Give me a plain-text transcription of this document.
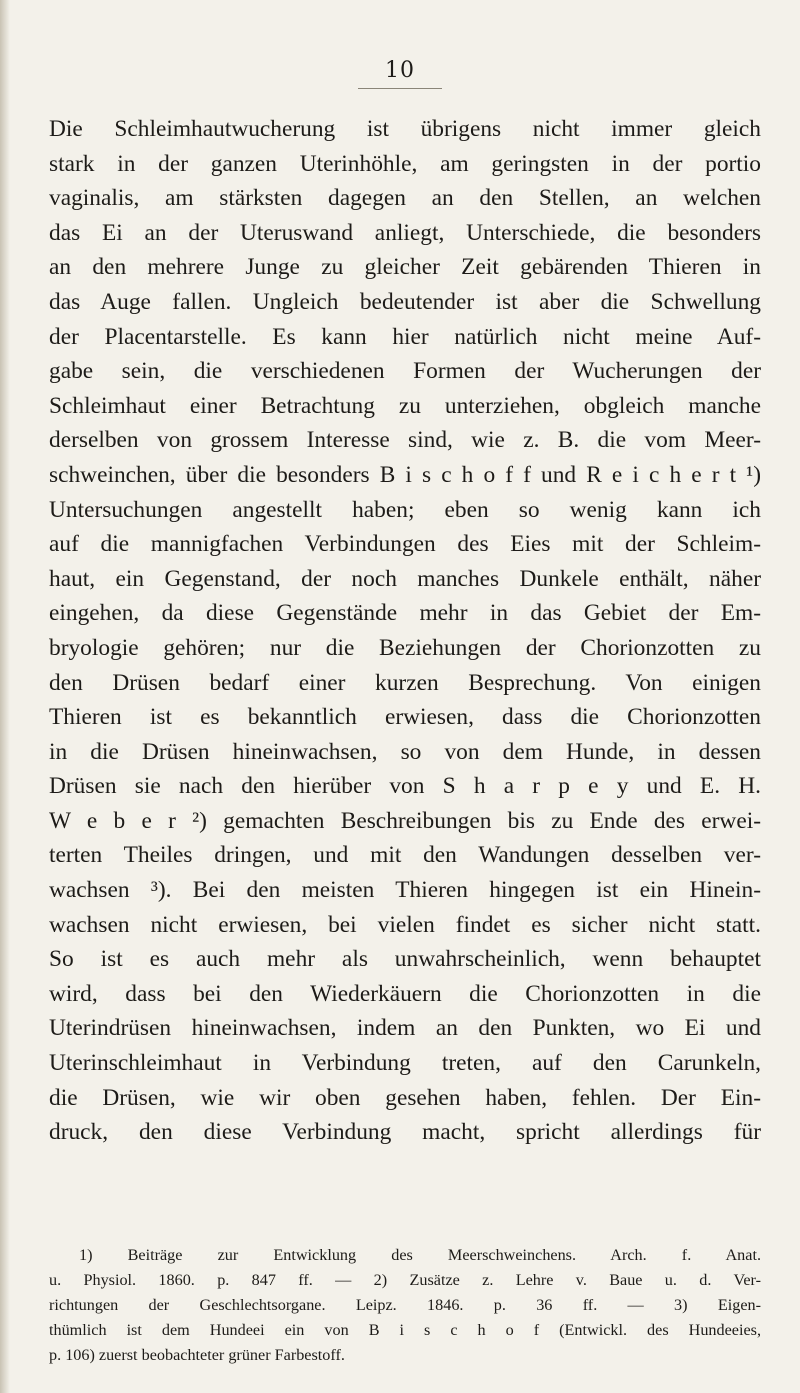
10
Die Schleimhautwucherung ist übrigens nicht immer gleich
stark in der ganzen Uterinhöhle, am geringsten in der portio
vaginalis, am stärksten dagegen an den Stellen, an welchen
das Ei an der Uteruswand anliegt, Unterschiede, die besonders
an den mehrere Junge zu gleicher Zeit gebärenden Thieren in
das Auge fallen. Ungleich bedeutender ist aber die Schwellung
der Placentarstelle. Es kann hier natürlich nicht meine Auf-
gabe sein, die verschiedenen Formen der Wucherungen der
Schleimhaut einer Betrachtung zu unterziehen, obgleich manche
derselben von grossem Interesse sind, wie z. B. die vom Meer-
schweinchen, über die besonders B i s c h o f f und R e i c h e r t ¹)
Untersuchungen angestellt haben; eben so wenig kann ich
auf die mannigfachen Verbindungen des Eies mit der Schleim-
haut, ein Gegenstand, der noch manches Dunkele enthält, näher
eingehen, da diese Gegenstände mehr in das Gebiet der Em-
bryologie gehören; nur die Beziehungen der Chorionzotten zu
den Drüsen bedarf einer kurzen Besprechung. Von einigen
Thieren ist es bekanntlich erwiesen, dass die Chorionzotten
in die Drüsen hineinwachsen, so von dem Hunde, in dessen
Drüsen sie nach den hierüber von S h a r p e y und E. H.
W e b e r ²) gemachten Beschreibungen bis zu Ende des erwei-
terten Theiles dringen, und mit den Wandungen desselben ver-
wachsen ³). Bei den meisten Thieren hingegen ist ein Hinein-
wachsen nicht erwiesen, bei vielen findet es sicher nicht statt.
So ist es auch mehr als unwahrscheinlich, wenn behauptet
wird, dass bei den Wiederkäuern die Chorionzotten in die
Uterindrüsen hineinwachsen, indem an den Punkten, wo Ei und
Uterinschleimhaut in Verbindung treten, auf den Carunkeln,
die Drüsen, wie wir oben gesehen haben, fehlen. Der Ein-
druck, den diese Verbindung macht, spricht allerdings für
1) Beiträge zur Entwicklung des Meerschweinchens. Arch. f. Anat.
u. Physiol. 1860. p. 847 ff. — 2) Zusätze z. Lehre v. Baue u. d. Ver-
richtungen der Geschlechtsorgane. Leipz. 1846. p. 36 ff. — 3) Eigen-
thümlich ist dem Hundeei ein von B i s c h o f (Entwickl. des Hundeeies,
p. 106) zuerst beobachteter grüner Farbestoff.
